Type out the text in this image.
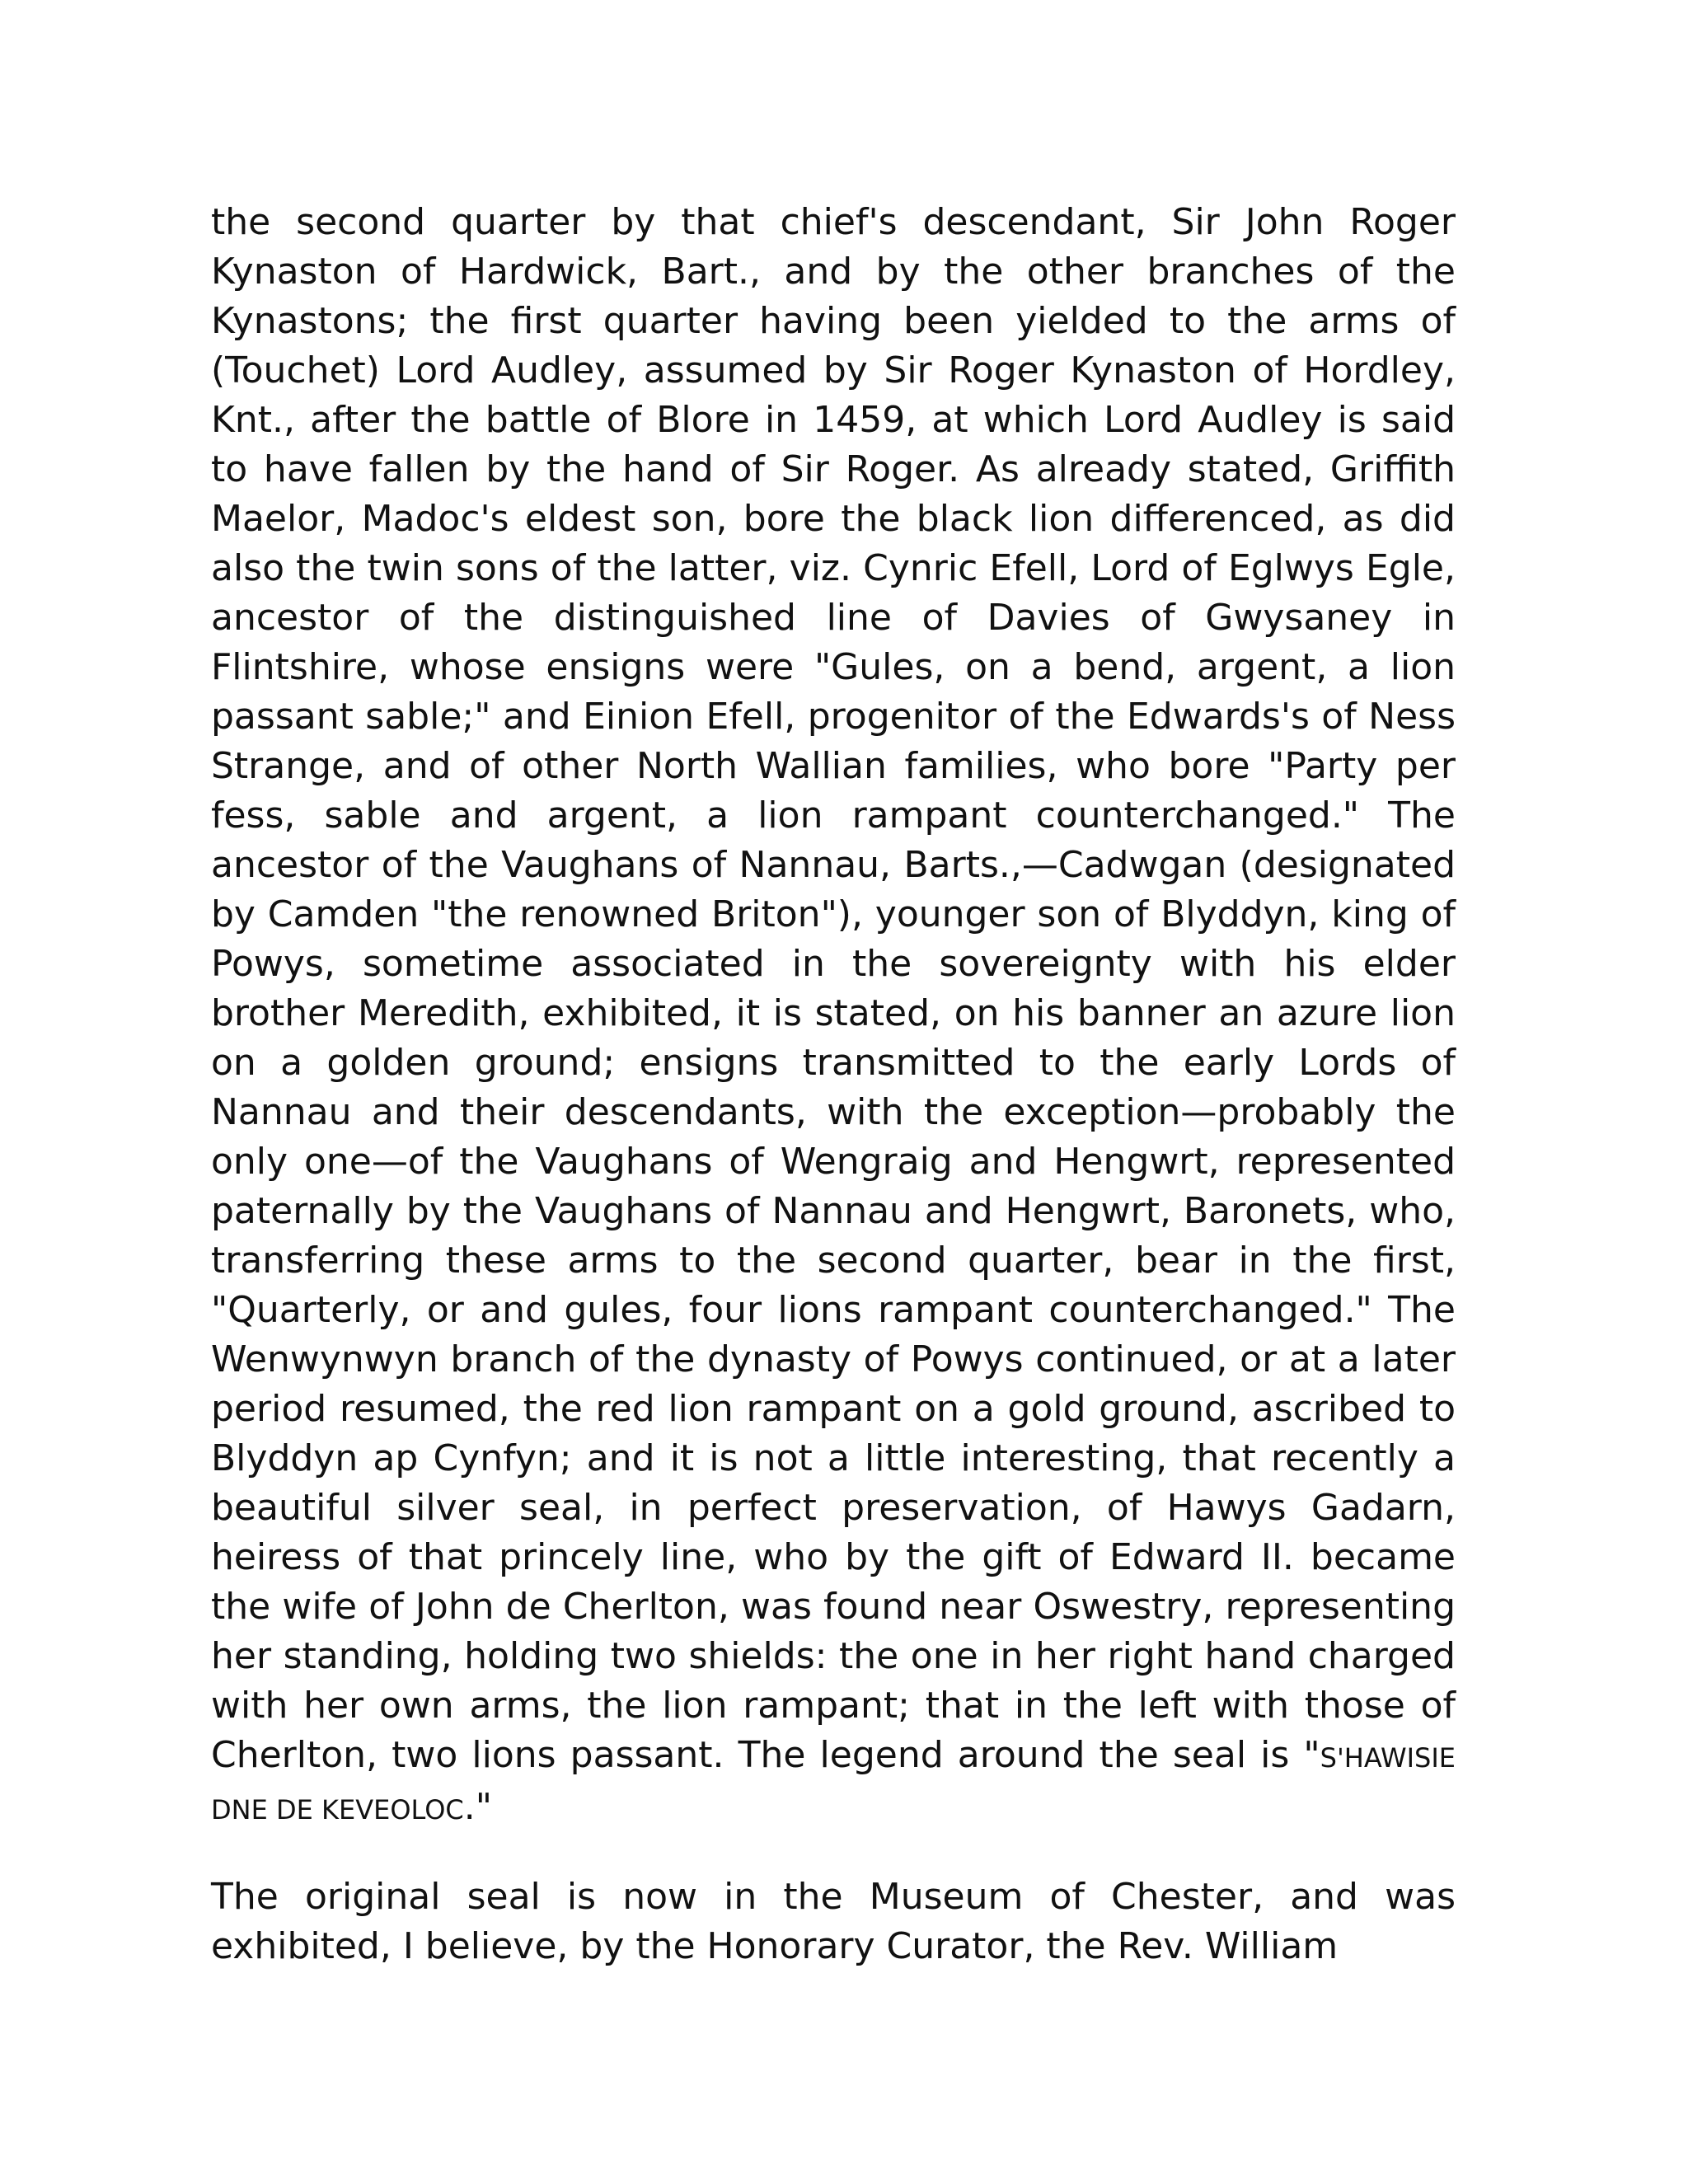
the second quarter by that chief's descendant, Sir John Roger Kynaston of Hardwick, Bart., and by the other branches of the Kynastons; the first quarter having been yielded to the arms of (Touchet) Lord Audley, assumed by Sir Roger Kynaston of Hordley, Knt., after the battle of Blore in 1459, at which Lord Audley is said to have fallen by the hand of Sir Roger. As already stated, Griffith Maelor, Madoc's eldest son, bore the black lion differenced, as did also the twin sons of the latter, viz. Cynric Efell, Lord of Eglwys Egle, ancestor of the distinguished line of Davies of Gwysaney in Flintshire, whose ensigns were "Gules, on a bend, argent, a lion passant sable;" and Einion Efell, progenitor of the Edwards's of Ness Strange, and of other North Wallian families, who bore "Party per fess, sable and argent, a lion rampant counterchanged." The ancestor of the Vaughans of Nannau, Barts.,—Cadwgan (designated by Camden "the renowned Briton"), younger son of Blyddyn, king of Powys, sometime associated in the sovereignty with his elder brother Meredith, exhibited, it is stated, on his banner an azure lion on a golden ground; ensigns transmitted to the early Lords of Nannau and their descendants, with the exception—probably the only one—of the Vaughans of Wengraig and Hengwrt, represented paternally by the Vaughans of Nannau and Hengwrt, Baronets, who, transferring these arms to the second quarter, bear in the first, "Quarterly, or and gules, four lions rampant counterchanged." The Wenwynwyn branch of the dynasty of Powys continued, or at a later period resumed, the red lion rampant on a gold ground, ascribed to Blyddyn ap Cynfyn; and it is not a little interesting, that recently a beautiful silver seal, in perfect preservation, of Hawys Gadarn, heiress of that princely line, who by the gift of Edward II. became the wife of John de Cherlton, was found near Oswestry, representing her standing, holding two shields: the one in her right hand charged with her own arms, the lion rampant; that in the left with those of Cherlton, two lions passant. The legend around the seal is "S'HAWISIE DNE DE KEVEOLOC."

The original seal is now in the Museum of Chester, and was exhibited, I believe, by the Honorary Curator, the Rev. William
